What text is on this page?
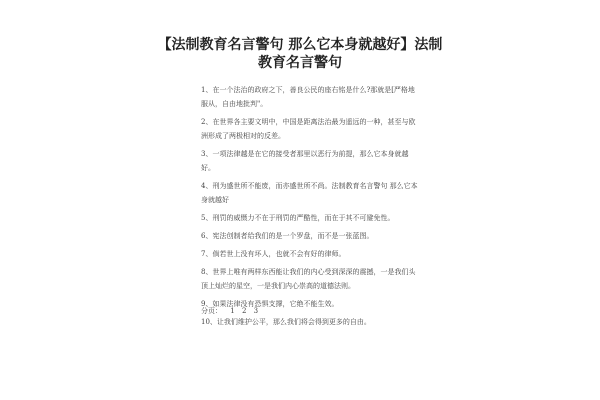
【法制教育名言警句 那么它本身就越好】法制
教育名言警句
1、在一个法治的政府之下，善良公民的座右铭是什么?那就是[严格地服从，自由地批判"。
2、在世界各主要文明中，中国是距离法治最为遥远的一种，甚至与欧洲形成了两极相对的反差。
3、一项法律越是在它的接受者那里以恶行为前提，那么它本身就越好。
4、刑为盛世所不能废，而亦盛世所不尚。法制教育名言警句 那么它本身就越好
5、刑罚的威慑力不在于刑罚的严酷性，而在于其不可避免性。
6、宪法创制者给我们的是一个罗盘，而不是一张蓝图。
7、倘若世上没有坏人，也就不会有好的律师。
8、世界上唯有两样东西能让我们的内心受到深深的震撼，一是我们头顶上灿烂的星空，一是我们内心崇高的道德法则。
9、如果法律没有恐惧支撑，它绝不能生效。
10、让我们维护公平，那么我们将会得到更多的自由。
分页： 1 2 3
